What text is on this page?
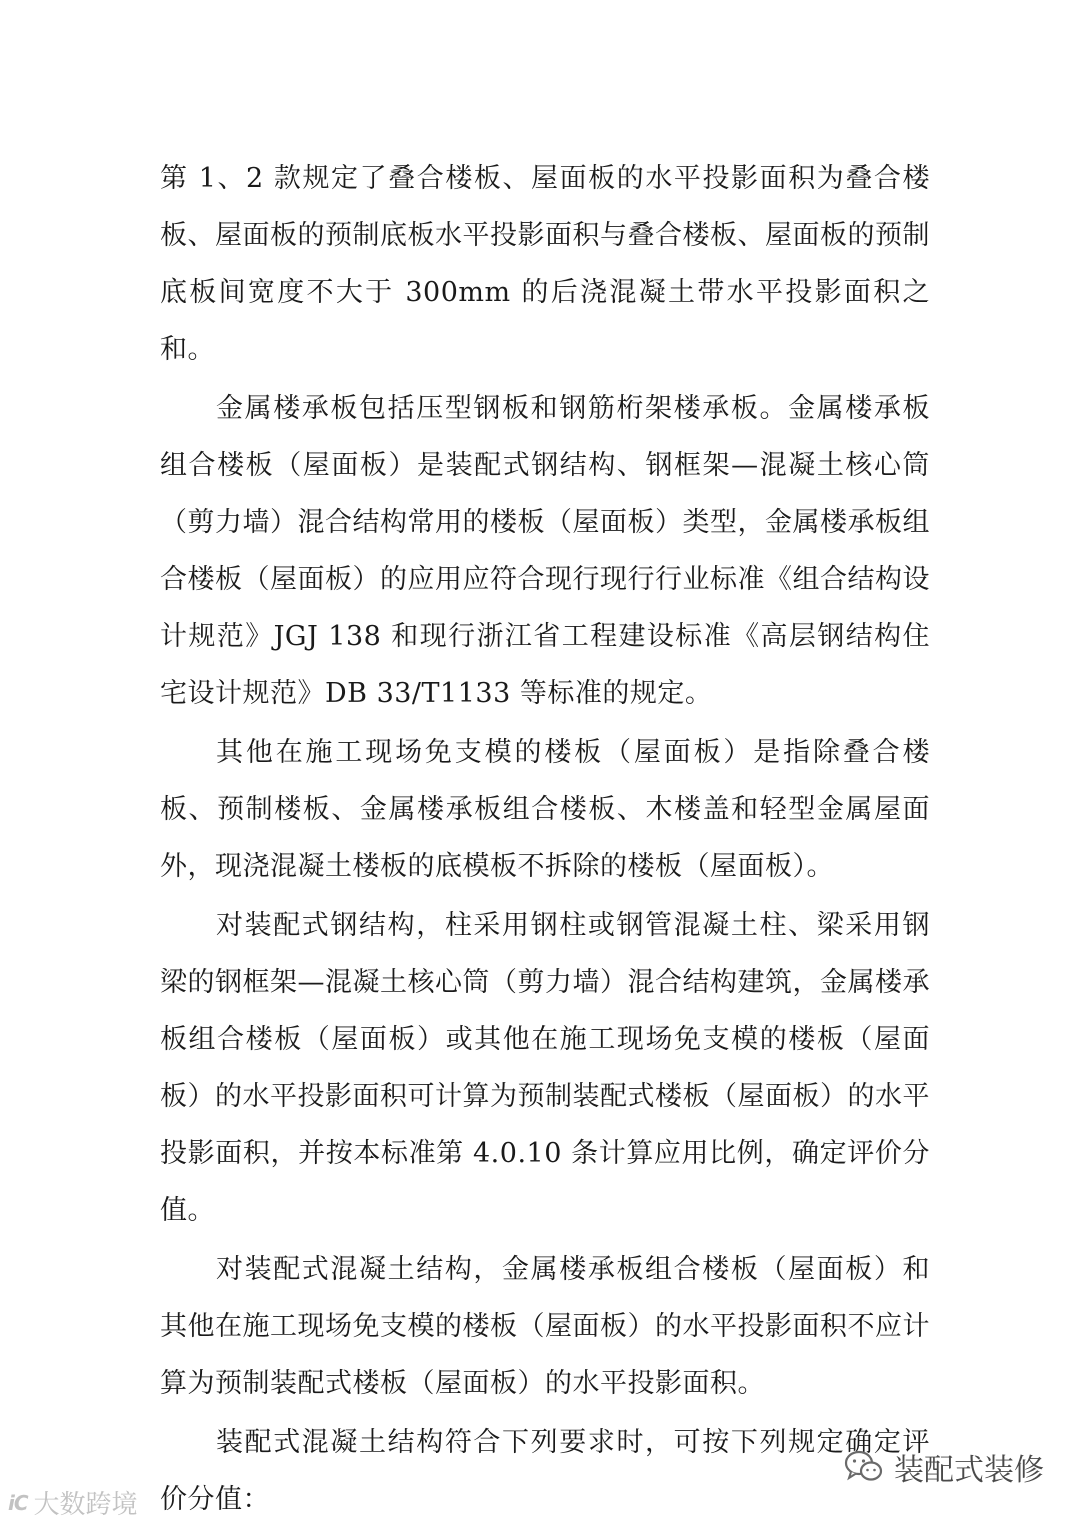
第 1、2 款规定了叠合楼板、屋面板的水平投影面积为叠合楼板、屋面板的预制底板水平投影面积与叠合楼板、屋面板的预制底板间宽度不大于 300mm 的后浇混凝土带水平投影面积之和。

金属楼承板包括压型钢板和钢筋桁架楼承板。金属楼承板组合楼板（屋面板）是装配式钢结构、钢框架—混凝土核心筒（剪力墙）混合结构常用的楼板（屋面板）类型，金属楼承板组合楼板（屋面板）的应用应符合现行现行行业标准《组合结构设计规范》JGJ 138 和现行浙江省工程建设标准《高层钢结构住宅设计规范》DB 33/T1133 等标准的规定。

其他在施工现场免支模的楼板（屋面板）是指除叠合楼板、预制楼板、金属楼承板组合楼板、木楼盖和轻型金属屋面外，现浇混凝土楼板的底模板不拆除的楼板（屋面板）。

对装配式钢结构，柱采用钢柱或钢管混凝土柱、梁采用钢梁的钢框架—混凝土核心筒（剪力墙）混合结构建筑，金属楼承板组合楼板（屋面板）或其他在施工现场免支模的楼板（屋面板）的水平投影面积可计算为预制装配式楼板（屋面板）的水平投影面积，并按本标准第 4.0.10 条计算应用比例，确定评价分值。

对装配式混凝土结构，金属楼承板组合楼板（屋面板）和其他在施工现场免支模的楼板（屋面板）的水平投影面积不应计算为预制装配式楼板（屋面板）的水平投影面积。

装配式混凝土结构符合下列要求时，可按下列规定确定评价分值：

iC 大数跨境
装配式装修
